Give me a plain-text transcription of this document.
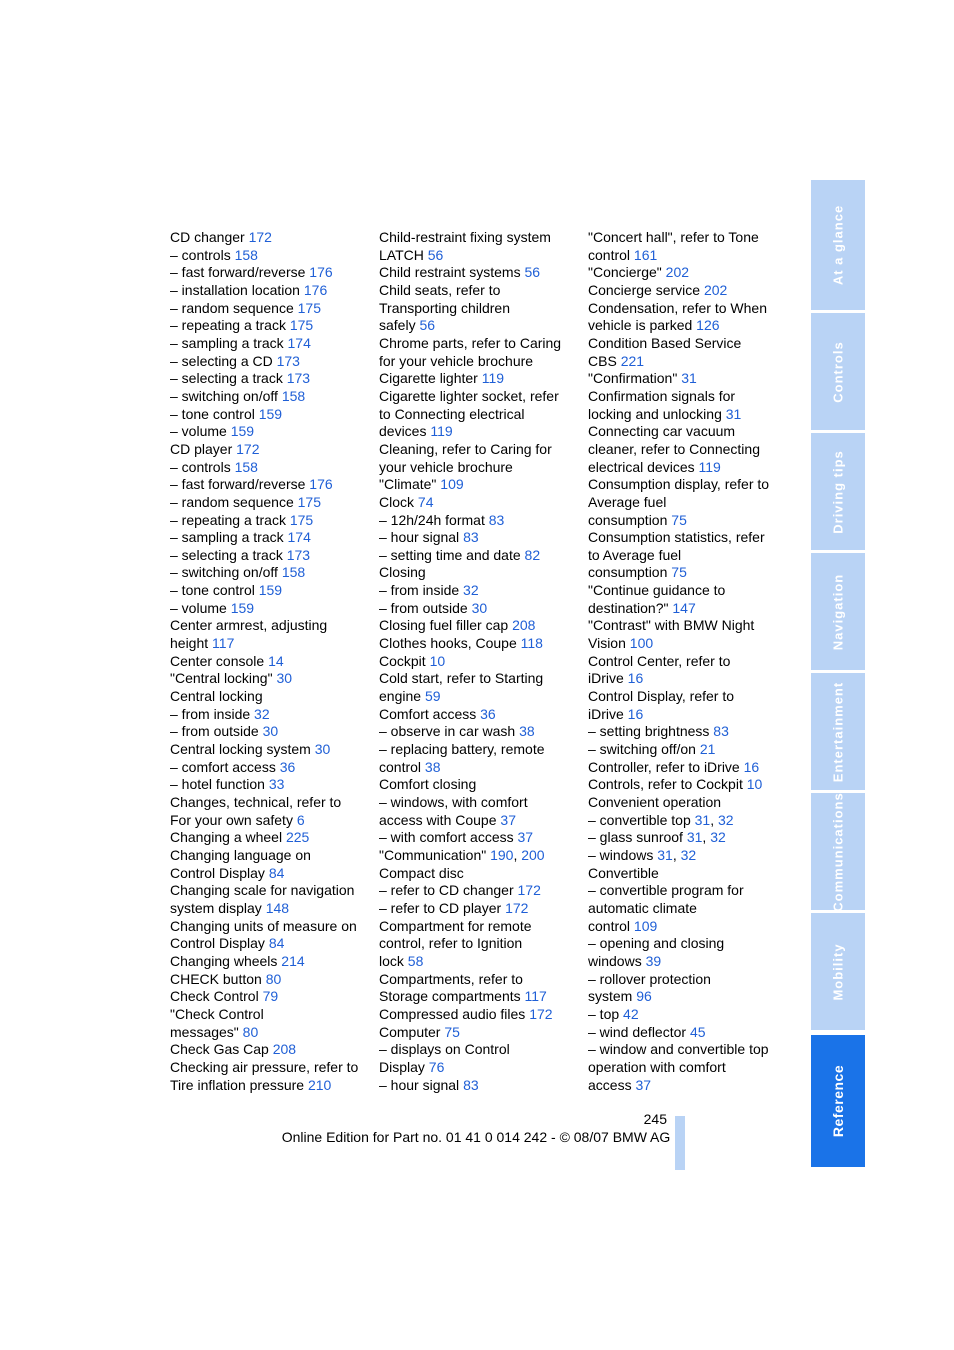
CD changer 172
– controls 158
– fast forward/reverse 176
– installation location 176
– random sequence 175
– repeating a track 175
– sampling a track 174
– selecting a CD 173
– selecting a track 173
– switching on/off 158
– tone control 159
– volume 159
CD player 172
– controls 158
– fast forward/reverse 176
– random sequence 175
– repeating a track 175
– sampling a track 174
– selecting a track 173
– switching on/off 158
– tone control 159
– volume 159
Center armrest, adjusting
height 117
Center console 14
"Central locking" 30
Central locking
– from inside 32
– from outside 30
Central locking system 30
– comfort access 36
– hotel function 33
Changes, technical, refer to
For your own safety 6
Changing a wheel 225
Changing language on
Control Display 84
Changing scale for navigation
system display 148
Changing units of measure on
Control Display 84
Changing wheels 214
CHECK button 80
Check Control 79
"Check Control
messages" 80
Check Gas Cap 208
Checking air pressure, refer to
Tire inflation pressure 210
Child-restraint fixing system
LATCH 56
Child restraint systems 56
Child seats, refer to
Transporting children
safely 56
Chrome parts, refer to Caring
for your vehicle brochure
Cigarette lighter 119
Cigarette lighter socket, refer
to Connecting electrical
devices 119
Cleaning, refer to Caring for
your vehicle brochure
"Climate" 109
Clock 74
– 12h/24h format 83
– hour signal 83
– setting time and date 82
Closing
– from inside 32
– from outside 30
Closing fuel filler cap 208
Clothes hooks, Coupe 118
Cockpit 10
Cold start, refer to Starting
engine 59
Comfort access 36
– observe in car wash 38
– replacing battery, remote
control 38
Comfort closing
– windows, with comfort
access with Coupe 37
– with comfort access 37
"Communication" 190, 200
Compact disc
– refer to CD changer 172
– refer to CD player 172
Compartment for remote
control, refer to Ignition
lock 58
Compartments, refer to
Storage compartments 117
Compressed audio files 172
Computer 75
– displays on Control
Display 76
– hour signal 83
"Concert hall", refer to Tone
control 161
"Concierge" 202
Concierge service 202
Condensation, refer to When
vehicle is parked 126
Condition Based Service
CBS 221
"Confirmation" 31
Confirmation signals for
locking and unlocking 31
Connecting car vacuum
cleaner, refer to Connecting
electrical devices 119
Consumption display, refer to
Average fuel
consumption 75
Consumption statistics, refer
to Average fuel
consumption 75
"Continue guidance to
destination?" 147
"Contrast" with BMW Night
Vision 100
Control Center, refer to
iDrive 16
Control Display, refer to
iDrive 16
– setting brightness 83
– switching off/on 21
Controller, refer to iDrive 16
Controls, refer to Cockpit 10
Convenient operation
– convertible top 31, 32
– glass sunroof 31, 32
– windows 31, 32
Convertible
– convertible program for
automatic climate
control 109
– opening and closing
windows 39
– rollover protection
system 96
– top 42
– wind deflector 45
– window and convertible top
operation with comfort
access 37
At a glance
Controls
Driving tips
Navigation
Entertainment
Communications
Mobility
Reference
245
Online Edition for Part no. 01 41 0 014 242 - © 08/07 BMW AG
